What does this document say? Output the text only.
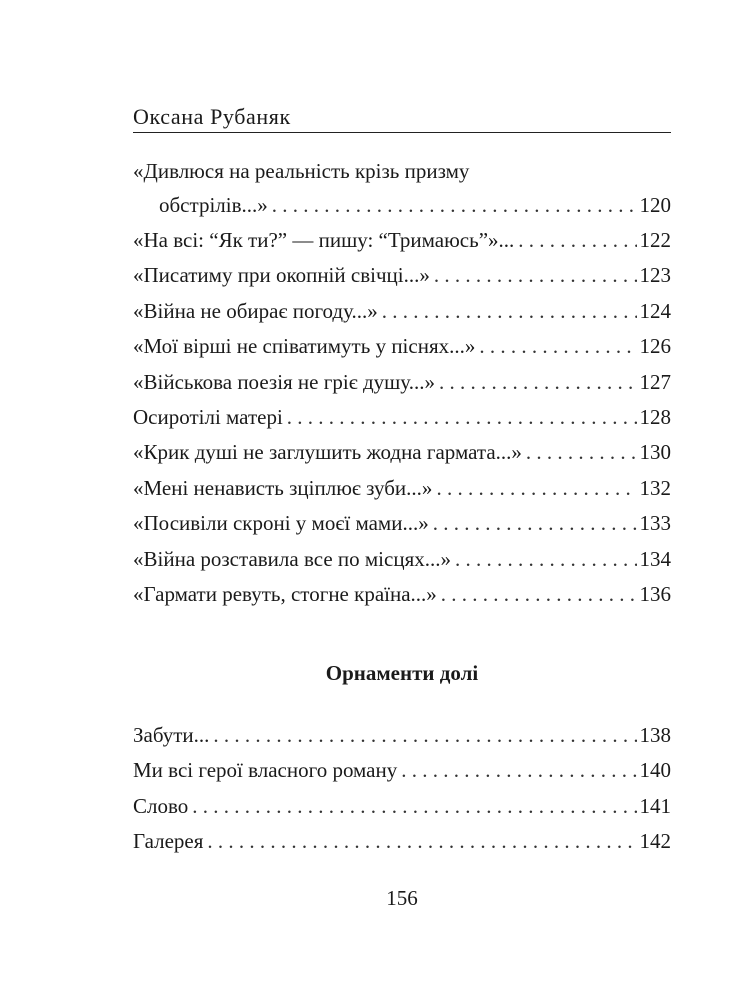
Оксана Рубаняк
«Дивлюся на реальність крізь призму
обстрілів...» . . .	120
«На всі: “Як ти?” — пишу: “Тримаюсь”»... . . .	122
«Писатиму при окопній свічці...» . . .	123
«Війна не обирає погоду...» . . .	124
«Мої вірші не співатимуть у піснях...» . . .	126
«Військова поезія не гріє душу...» . . .	127
Осиротілі матері . . .	128
«Крик душі не заглушить жодна гармата...» . . .	130
«Мені ненависть зціплює зуби...» . . .	132
«Посивіли скроні у моєї мами...» . . .	133
«Війна розставила все по місцях...» . . .	134
«Гармати ревуть, стогне країна...» . . .	136
Орнаменти долі
Забути... . . .	138
Ми всі герої власного роману . . .	140
Слово . . .	141
Галерея . . .	142
156
